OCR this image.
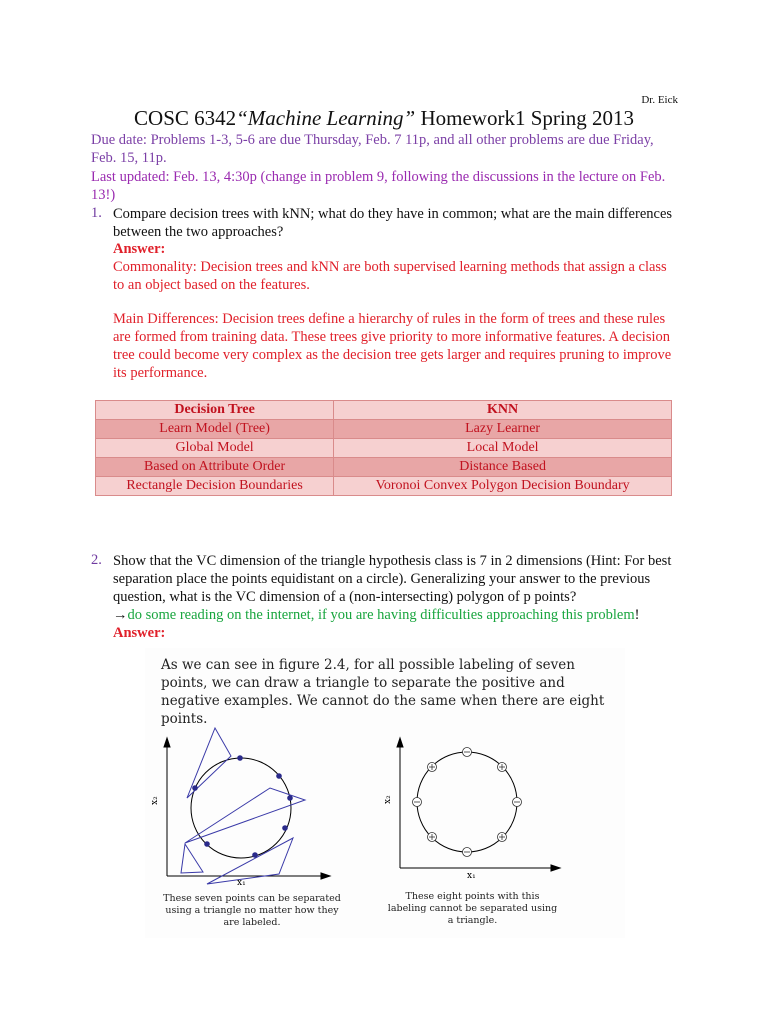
Dr. Eick
COSC 6342“Machine Learning” Homework1 Spring 2013
Due date: Problems 1-3, 5-6 are due Thursday, Feb. 7 11p, and all other problems are due Friday, Feb. 15, 11p.
Last updated: Feb. 13, 4:30p (change in problem 9, following the discussions in the lecture on Feb. 13!)
1. Compare decision trees with kNN; what do they have in common; what are the main differences between the two approaches?
Answer:
Commonality: Decision trees and kNN are both supervised learning methods that assign a class to an object based on the features.
Main Differences: Decision trees define a hierarchy of rules in the form of trees and these rules are formed from training data. These trees give priority to more informative features. A decision tree could become very complex as the decision tree gets larger and requires pruning to improve its performance.
Decision Tree	KNN
Learn Model (Tree)	Lazy Learner
Global Model	Local Model
Based on Attribute Order	Distance Based
Rectangle Decision Boundaries	Voronoi Convex Polygon Decision Boundary
2. Show that the VC dimension of the triangle hypothesis class is 7 in 2 dimensions (Hint: For best separation place the points equidistant on a circle). Generalizing your answer to the previous question, what is the VC dimension of a (non-intersecting) polygon of p points?
→do some reading on the internet, if you are having difficulties approaching this problem!
Answer:
As we can see in figure 2.4, for all possible labeling of seven points, we can draw a triangle to separate the positive and negative examples. We cannot do the same when there are eight points.
x₂
x₁
x₂
x₁
These seven points can be separated using a triangle no matter how they are labeled.
These eight points with this labeling cannot be separated using a triangle.
